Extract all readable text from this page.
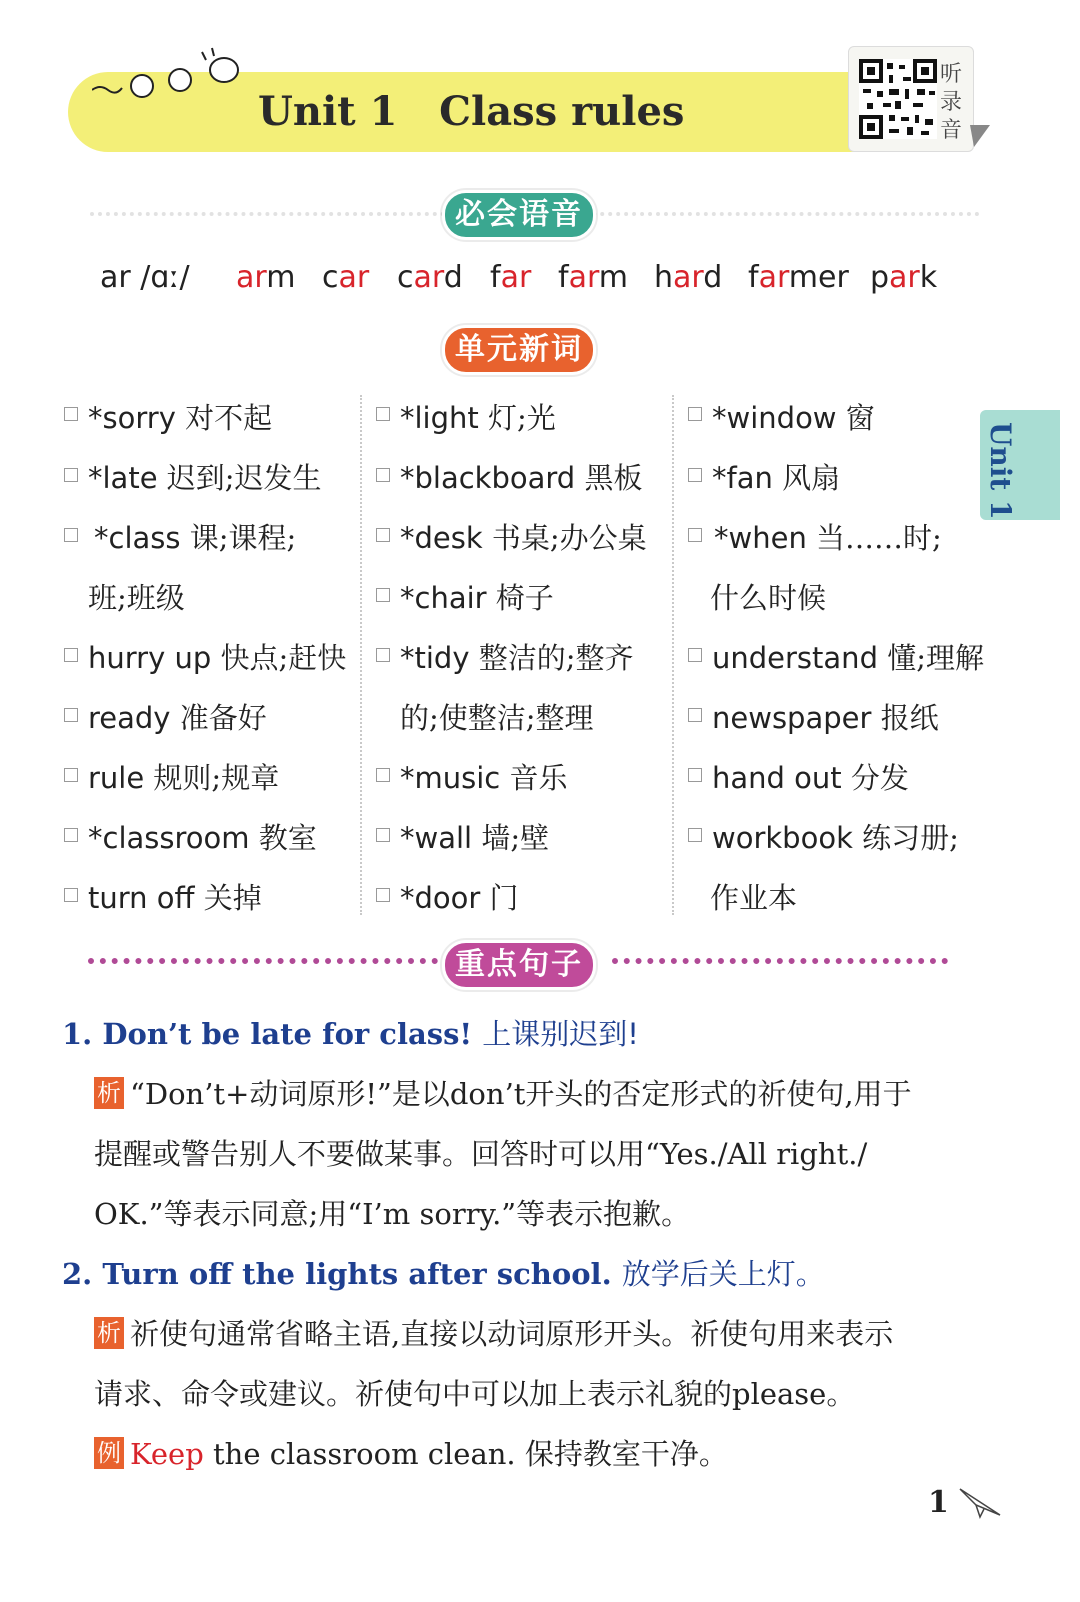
Unit 1   Class rules
听录音
必会语音
ar /ɑː/ arm car card far farm hard farmer park
单元新词
Unit 1
*sorry 对不起
*late 迟到;迟发生
*class 课;课程;
班;班级
hurry up 快点;赶快
ready 准备好
rule 规则;规章
*classroom 教室
turn off 关掉
*light 灯;光
*blackboard 黑板
*desk 书桌;办公桌
*chair 椅子
*tidy 整洁的;整齐
的;使整洁;整理
*music 音乐
*wall 墙;壁
*door 门
*window 窗
*fan 风扇
*when 当……时;
什么时候
understand 懂;理解
newspaper 报纸
hand out 分发
workbook 练习册;
作业本
重点句子
1. Don’t be late for class! 上课别迟到!
析 “Don’t+动词原形!”是以don’t开头的否定形式的祈使句,用于
提醒或警告别人不要做某事。回答时可以用“Yes./All right./
OK.”等表示同意;用“I’m sorry.”等表示抱歉。
2. Turn off the lights after school. 放学后关上灯。
析 祈使句通常省略主语,直接以动词原形开头。祈使句用来表示
请求、命令或建议。祈使句中可以加上表示礼貌的please。
例 Keep the classroom clean. 保持教室干净。
1
